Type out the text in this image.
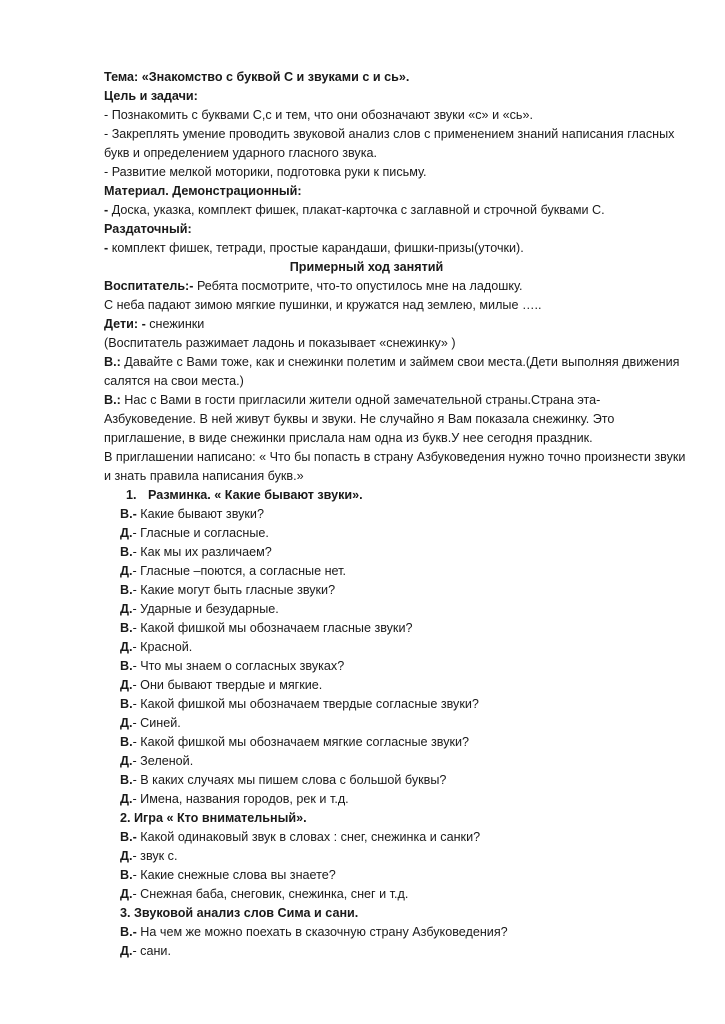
Тема: «Знакомство с буквой С и звуками с и сь».
Цель и задачи:
- Познакомить с буквами С,с и тем, что они обозначают звуки «с» и «сь».
- Закреплять умение проводить звуковой анализ слов с применением знаний написания гласных
букв и определением ударного гласного звука.
- Развитие мелкой моторики, подготовка руки к письму.
Материал. Демонстрационный:
- Доска, указка, комплект фишек, плакат-карточка с заглавной и строчной буквами С.
Раздаточный:
- комплект фишек, тетради, простые карандаши, фишки-призы(уточки).
Примерный ход занятий
Воспитатель:- Ребята посмотрите, что-то опустилось мне на ладошку.
С неба падают зимою мягкие пушинки, и кружатся над землею, милые …..
Дети: - снежинки
(Воспитатель разжимает ладонь и показывает «снежинку» )
В.: Давайте с Вами тоже, как и снежинки полетим и займем свои места.(Дети выполняя движения
салятся на свои места.)
В.: Нас с Вами в гости пригласили жители одной замечательной страны.Страна эта-
Азбуковедение. В ней живут буквы и звуки. Не случайно я Вам показала снежинку. Это
приглашение, в виде снежинки прислала нам одна из букв.У нее сегодня праздник.
В приглашении написано: « Что бы попасть в страну Азбуковедения нужно точно произнести звуки
и знать правила написания букв.»
1. Разминка. « Какие бывают звуки».
В.- Какие бывают звуки?
Д.- Гласные и согласные.
В.- Как мы их различаем?
Д.- Гласные –поются, а согласные нет.
В.- Какие могут быть гласные звуки?
Д.- Ударные и безударные.
В.- Какой фишкой мы обозначаем гласные звуки?
Д.- Красной.
В.- Что мы знаем о согласных звуках?
Д.- Они бывают твердые и мягкие.
В.- Какой фишкой мы обозначаем твердые согласные звуки?
Д.- Синей.
В.- Какой фишкой мы обозначаем мягкие согласные звуки?
Д.- Зеленой.
В.- В каких случаях мы пишем слова с большой буквы?
Д.- Имена, названия городов, рек и т.д.
2. Игра « Кто внимательный».
В.- Какой одинаковый звук в словах : снег, снежинка и санки?
Д.- звук с.
В.- Какие снежные слова вы знаете?
Д.- Снежная баба, снеговик, снежинка, снег и т.д.
3. Звуковой анализ слов Сима и сани.
В.- На чем же можно поехать в сказочную страну Азбуковедения?
Д.- сани.
